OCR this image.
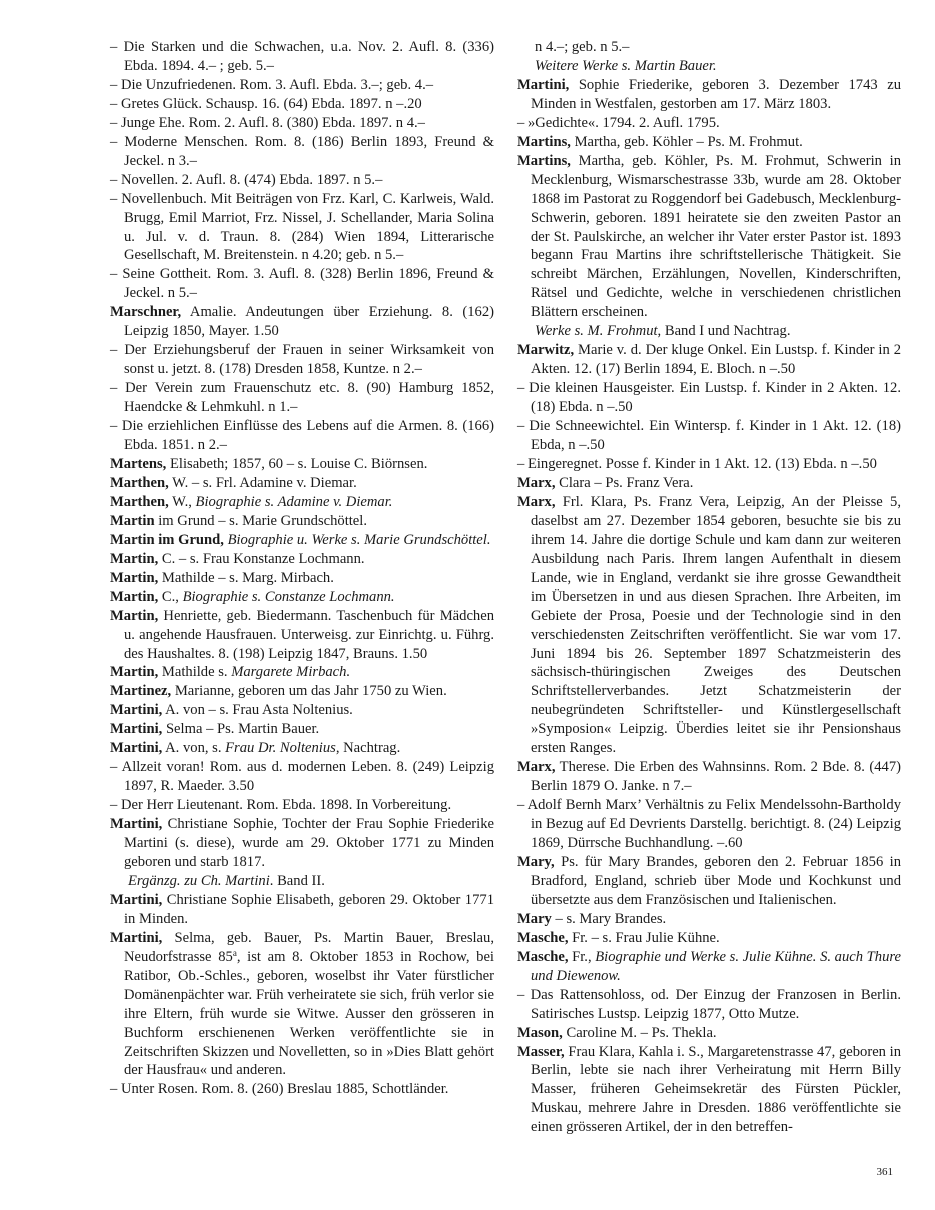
– Die Starken und die Schwachen, u.a. Nov. 2. Aufl. 8. (336) Ebda. 1894. 4.– ; geb. 5.–

– Die Unzufriedenen. Rom. 3. Aufl. Ebda. 3.–; geb. 4.–

– Gretes Glück. Schausp. 16. (64) Ebda. 1897. n –.20

– Junge Ehe. Rom. 2. Aufl. 8. (380) Ebda. 1897. n 4.–

– Moderne Menschen. Rom. 8. (186) Berlin 1893, Freund & Jeckel. n 3.–

– Novellen. 2. Aufl. 8. (474) Ebda. 1897. n 5.–

– Novellenbuch. Mit Beiträgen von Frz. Karl, C. Karlweis, Wald. Brugg, Emil Marriot, Frz. Nissel, J. Schellander, Maria Solina u. Jul. v. d. Traun. 8. (284) Wien 1894, Litterarische Gesellschaft, M. Breitenstein. n 4.20; geb. n 5.–

– Seine Gottheit. Rom. 3. Aufl. 8. (328) Berlin 1896, Freund & Jeckel. n 5.–

Marschner, Amalie. Andeutungen über Erziehung. 8. (162) Leipzig 1850, Mayer. 1.50

– Der Erziehungsberuf der Frauen in seiner Wirksamkeit von sonst u. jetzt. 8. (178) Dresden 1858, Kuntze. n 2.–

– Der Verein zum Frauenschutz etc. 8. (90) Hamburg 1852, Haendcke & Lehmkuhl. n 1.–

– Die erziehlichen Einflüsse des Lebens auf die Armen. 8. (166) Ebda. 1851. n 2.–

Martens, Elisabeth; 1857, 60 – s. Louise C. Biörnsen.

Marthen, W. – s. Frl. Adamine v. Diemar.

Marthen, W., Biographie s. Adamine v. Diemar.

Martin im Grund – s. Marie Grundschöttel.

Martin im Grund, Biographie u. Werke s. Marie Grundschöttel.

Martin, C. – s. Frau Konstanze Lochmann.

Martin, Mathilde – s. Marg. Mirbach.

Martin, C., Biographie s. Constanze Lochmann.

Martin, Henriette, geb. Biedermann. Taschenbuch für Mädchen u. angehende Hausfrauen. Unterweisg. zur Einrichtg. u. Führg. des Haushaltes. 8. (198) Leipzig 1847, Brauns. 1.50

Martin, Mathilde s. Margarete Mirbach.

Martinez, Marianne, geboren um das Jahr 1750 zu Wien.

Martini, A. von – s. Frau Asta Noltenius.

Martini, Selma – Ps. Martin Bauer.

Martini, A. von, s. Frau Dr. Noltenius, Nachtrag.

– Allzeit voran! Rom. aus d. modernen Leben. 8. (249) Leipzig 1897, R. Maeder. 3.50

– Der Herr Lieutenant. Rom. Ebda. 1898. In Vorbereitung.

Martini, Christiane Sophie, Tochter der Frau Sophie Friederike Martini (s. diese), wurde am 29. Oktober 1771 zu Minden geboren und starb 1817.

Ergänzg. zu Ch. Martini. Band II.

Martini, Christiane Sophie Elisabeth, geboren 29. Oktober 1771 in Minden.

Martini, Selma, geb. Bauer, Ps. Martin Bauer, Breslau, Neudorfstrasse 85$^a$, ist am 8. Oktober 1853 in Rochow, bei Ratibor, Ob.-Schles., geboren, woselbst ihr Vater fürstlicher Domänenpächter war. Früh verheiratete sie sich, früh verlor sie ihre Eltern, früh wurde sie Witwe. Ausser den grösseren in Buchform erschienenen Werken veröffentlichte sie in Zeitschriften Skizzen und Novelletten, so in »Dies Blatt gehört der Hausfrau« und anderen.

– Unter Rosen. Rom. 8. (260) Breslau 1885, Schottländer.

n 4.–; geb. n 5.–

Weitere Werke s. Martin Bauer.

Martini, Sophie Friederike, geboren 3. Dezember 1743 zu Minden in Westfalen, gestorben am 17. März 1803.

– »Gedichte«. 1794. 2. Aufl. 1795.

Martins, Martha, geb. Köhler – Ps. M. Frohmut.

Martins, Martha, geb. Köhler, Ps. M. Frohmut, Schwerin in Mecklenburg, Wismarschestrasse 33b, wurde am 28. Oktober 1868 im Pastorat zu Roggendorf bei Gadebusch, Mecklenburg-Schwerin, geboren. 1891 heiratete sie den zweiten Pastor an der St. Paulskirche, an welcher ihr Vater erster Pastor ist. 1893 begann Frau Martins ihre schriftstellerische Thätigkeit. Sie schreibt Märchen, Erzählungen, Novellen, Kinderschriften, Rätsel und Gedichte, welche in verschiedenen christlichen Blättern erscheinen.

Werke s. M. Frohmut, Band I und Nachtrag.

Marwitz, Marie v. d. Der kluge Onkel. Ein Lustsp. f. Kinder in 2 Akten. 12. (17) Berlin 1894, E. Bloch. n –.50

– Die kleinen Hausgeister. Ein Lustsp. f. Kinder in 2 Akten. 12. (18) Ebda. n –.50

– Die Schneewichtel. Ein Wintersp. f. Kinder in 1 Akt. 12. (18) Ebda, n –.50

– Eingeregnet. Posse f. Kinder in 1 Akt. 12. (13) Ebda. n –.50

Marx, Clara – Ps. Franz Vera.

Marx, Frl. Klara, Ps. Franz Vera, Leipzig, An der Pleisse 5, daselbst am 27. Dezember 1854 geboren, besuchte sie bis zu ihrem 14. Jahre die dortige Schule und kam dann zur weiteren Ausbildung nach Paris. Ihrem langen Aufenthalt in diesem Lande, wie in England, verdankt sie ihre grosse Gewandtheit im Übersetzen in und aus diesen Sprachen. Ihre Arbeiten, im Gebiete der Prosa, Poesie und der Technologie sind in den verschiedensten Zeitschriften veröffentlicht. Sie war vom 17. Juni 1894 bis 26. September 1897 Schatzmeisterin des sächsisch-thüringischen Zweiges des Deutschen Schriftstellerverbandes. Jetzt Schatzmeisterin der neubegründeten Schriftsteller- und Künstlergesellschaft »Symposion« Leipzig. Überdies leitet sie ihr Pensionshaus ersten Ranges.

Marx, Therese. Die Erben des Wahnsinns. Rom. 2 Bde. 8. (447) Berlin 1879 O. Janke. n 7.–

– Adolf Bernh Marx’ Verhältnis zu Felix Mendelssohn-Bartholdy in Bezug auf Ed Devrients Darstellg. berichtigt. 8. (24) Leipzig 1869, Dürrsche Buchhandlung. –.60

Mary, Ps. für Mary Brandes, geboren den 2. Februar 1856 in Bradford, England, schrieb über Mode und Kochkunst und übersetzte aus dem Französischen und Italienischen.

Mary – s. Mary Brandes.

Masche, Fr. – s. Frau Julie Kühne.

Masche, Fr., Biographie und Werke s. Julie Kühne. S. auch Thure und Diewenow.

– Das Rattensohloss, od. Der Einzug der Franzosen in Berlin. Satirisches Lustsp. Leipzig 1877, Otto Mutze.

Mason, Caroline M. – Ps. Thekla.

Masser, Frau Klara, Kahla i. S., Margaretenstrasse 47, geboren in Berlin, lebte sie nach ihrer Verheiratung mit Herrn Billy Masser, früheren Geheimsekretär des Fürsten Pückler, Muskau, mehrere Jahre in Dresden. 1886 veröffentlichte sie einen grösseren Artikel, der in den betreffen-

361
